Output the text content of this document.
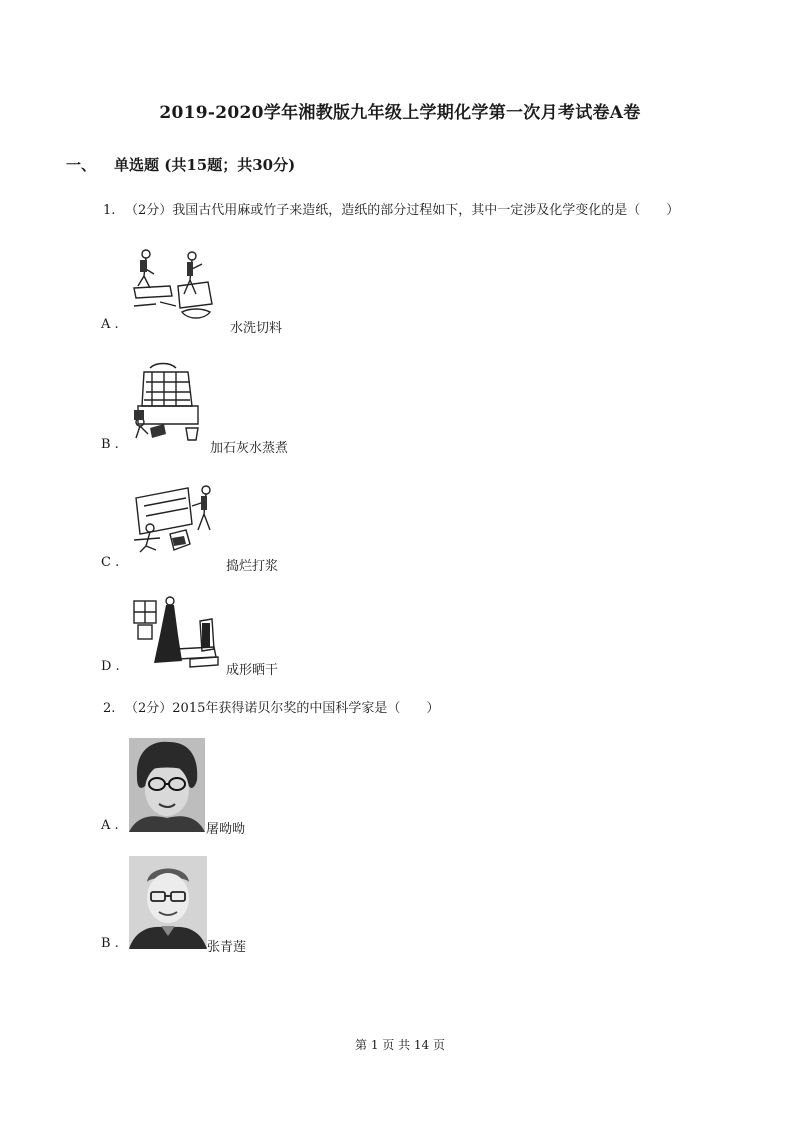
2019-2020学年湘教版九年级上学期化学第一次月考试卷A卷
一、 单选题 (共15题；共30分)
1. （2分）我国古代用麻或竹子来造纸，造纸的部分过程如下，其中一定涉及化学变化的是（　　）
A .	水洗切料
B .	加石灰水蒸煮
C .	捣烂打浆
D .	成形晒干
2. （2分）2015年获得诺贝尔奖的中国科学家是（　　）
A .	屠呦呦
B .	张青莲
第 1 页 共 14 页
